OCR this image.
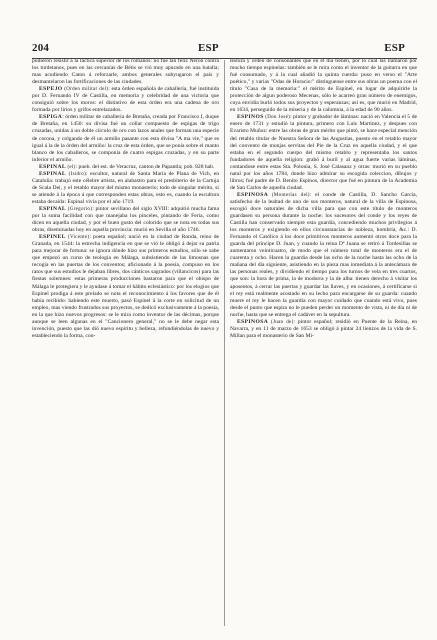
204	ESP	ESP

pudieron resistir á la táctica superior de los romanos: no fué tan feliz Neron contra los turdetanos, pues en las cercanías de Bétis se vió muy apurado en una batalla; mas acudiendo Caton á reforzarle, ambos generales subyugaron el país y desmantelaron las fortificaciones de las ciudades.

ESPEJO (Orden militar del): esta órden española de caballería, fué instituida por D. Fernando IV de Castilla, en memoria y celebridad de una victoria que consiguió sobre los moros: el distintivo de esta órden era una cadena de oro formada por lirios y grifos entrelazados.

ESPIGA: órden militar de caballería de Bretaña, creada por Francisco I, duque de Bretaña, en 1450: su divisa fué un collar compuesto de espigas de trigo cruzadas, unidas á un doble círculo de oro con lazos anales que forman una especie de corona, y colgando de él un armiño pasante con esta divisa "A ma vie," que es igual á la de la órden del armiño: la cruz de esta órden, que se ponía sobre el manto blanco de los caballeros, se componía de cuatro espigas cruzadas, y en su parte inferior el armiño.

ESPINAL (el): pueb. del est. de Veracruz, canton de Papantla; pob. 828 hab.

ESPINAL (Isidro): escultor, natural de Santa María de Plana de Vich, en Cataluña: trabajó este célebre artista, en alabastro para el presbiterio de la Cartuja de Scala Dei, y el retablo mayor del mismo monasterio; todo de singular mérito, si se atiende á la época á que corresponden estas obras, esto es, cuando la escultura estaba decaída: Espinal vivía por el año 1719.

ESPINAL (Gregorio): pintor sevillano del siglo XVIII: adquirió mucha fama por la suma facilidad con que manejaba los pinceles, pintando de Feria, como dicen en aquella ciudad, y por el buen gusto del colorido que se nota en todas sus obras, diseminadas hoy en aquella provincia: murió en Sevilla el año 1746.

ESPINEL (Vicente): poeta español; nació en la ciudad de Ronda, reino de Granada, en 1544: la estrecha indigencia en que se vió le obligó á dejar su patria para mejorar de fortuna: se ignora dónde hizo sus primeros estudios, sólo se sabe que empezó un curso de teología en Málaga, subsistiendo de las limosnas que recogía en las puertas de los conventos; aficionado á la poesía, compuso en los ratos que sus estudios le dejaban libres, dos cánticos sagrados (villancicos) para las fiestas solemnes: estas primeras producciones bastaron para que el obispo de Málaga le protegiera y le ayudase á tomar el hábito eclesiástico: por los elogios que Espinel prodiga á este prelado se nota el reconocimiento á los favores que de él había recibido: habiendo este muerto, pasó Espinel á la corte en solicitud de un empleo, mas viendo frustrados sus proyectos, se dedicó exclusivamente á la poesía, en la que hizo nuevos progresos: se le mira como inventor de las décimas, porque aunque se leen algunas en el "Cancionero general," no se le debe negar esta invención, puesto que las dió nuevo espíritu y belleza, refundiéndolas de nuevo y estableciendo la forma, con-

testura y órden de consonantes que en el día tienen, por lo cual las llamaron por mucho tiempo espinelas: también se le mira como el inventor de la guitarra en que fué consumado, y á la cual añadió la quinta cuerda: puso en verso el "Arte poético," y varias "Odas de Horacio:" distinguense entre sus obras un poema con el título "Casa de la memoria:" el mérito de Espinel, en lugar de adquirirle la protección de algun poderoso Mecenas, sólo le acarreó gran número de enemigos, cuya envidia burló todos sus proyectos y esperanzas; así es, que murió en Madrid, en 1634, perseguido de la miseria y de la calumnia, á la edad de 90 años.

ESPINOS (Don José): pintor y grabador de láminas: nació en Valencia el 5 de enero de 1731 y estudió la pintura, primero con Luis Martínez, y despues con Evaristo Muñoz: entre las obras de gran mérito que pintó, se hace especial mención del retablo titular de Nuestra Señora de las Angustias, puesto en el retablo mayor del convento de monjas servitas del Pie de la Cruz en aquella ciudad, y el que estaba en el segundo cuerpo del mismo retablo y representaba los santos fundadores de aquella religion: grabó á buril y al agua fuerte varias láminas, contandose entre estas Sta. Polonia, S. José Calasanz y otras: murió en su pueblo natal por los años 1784, donde hizo admirar su escogida coleccion, dibujos y libros; fué padre de D. Benito Espinos, director que fué en pintura de la Academia de San Carlos de aquella ciudad.

ESPINOSA (Monterías del): el conde de Castilla, D. Sancho García, satisfecho de la lealtad de uno de sus monteros, natural de la villa de Espinosa, escogió doce naturales de dicha villa para que con este título de monteros guardasen su persona durante la noche: los sucesores del conde y los reyes de Castilla han conservado siempre esta guardia, concediendo muchos privilegios á los monteros y exigiendo en ellos circunstancias de nobleza, hombría, &c.: D. Fernando el Católico á los doce primitivos monteros aumentó otros doce para la guarda del príncipe D. Juan, y cuando la reina Dª Juana se retiró á Tordesillas se aumentaron veinticuatro, de modo que el número total de monteros era el de cuarenta y ocho. Hacen la guardia desde las ocho de la noche hasta las ocho de la mañana del día siguiente, asistiendo en la pieza mas inmediata á la antecámara de las personas reales, y dividiendo el tiempo para los turnos de vela en tres cuartos, que son: la hora de prima, la de modorra y la de alba: tienen derecho á visitar los aposentos, á cerrar las puertas y guardar las llaves, y en ocasiones, á certificarse si el rey está realmente acostado en su lecho para encargarse de su guarda: cuando muere el rey le hacen la guardia con mayor cuidado que cuando está vivo, pues desde el punto que espira no le pueden perder un momento de vista, ni de día ni de noche, hasta que se entrega el cadáver en la sepultura.

ESPINOSA (Juan de): pintor español; residió en Puente de la Reina, en Navarra, y en 11 de marzo de 1653 se obligó á pintar 24 lienzos de la vida de S. Millan para el monasterio de San Mi-
